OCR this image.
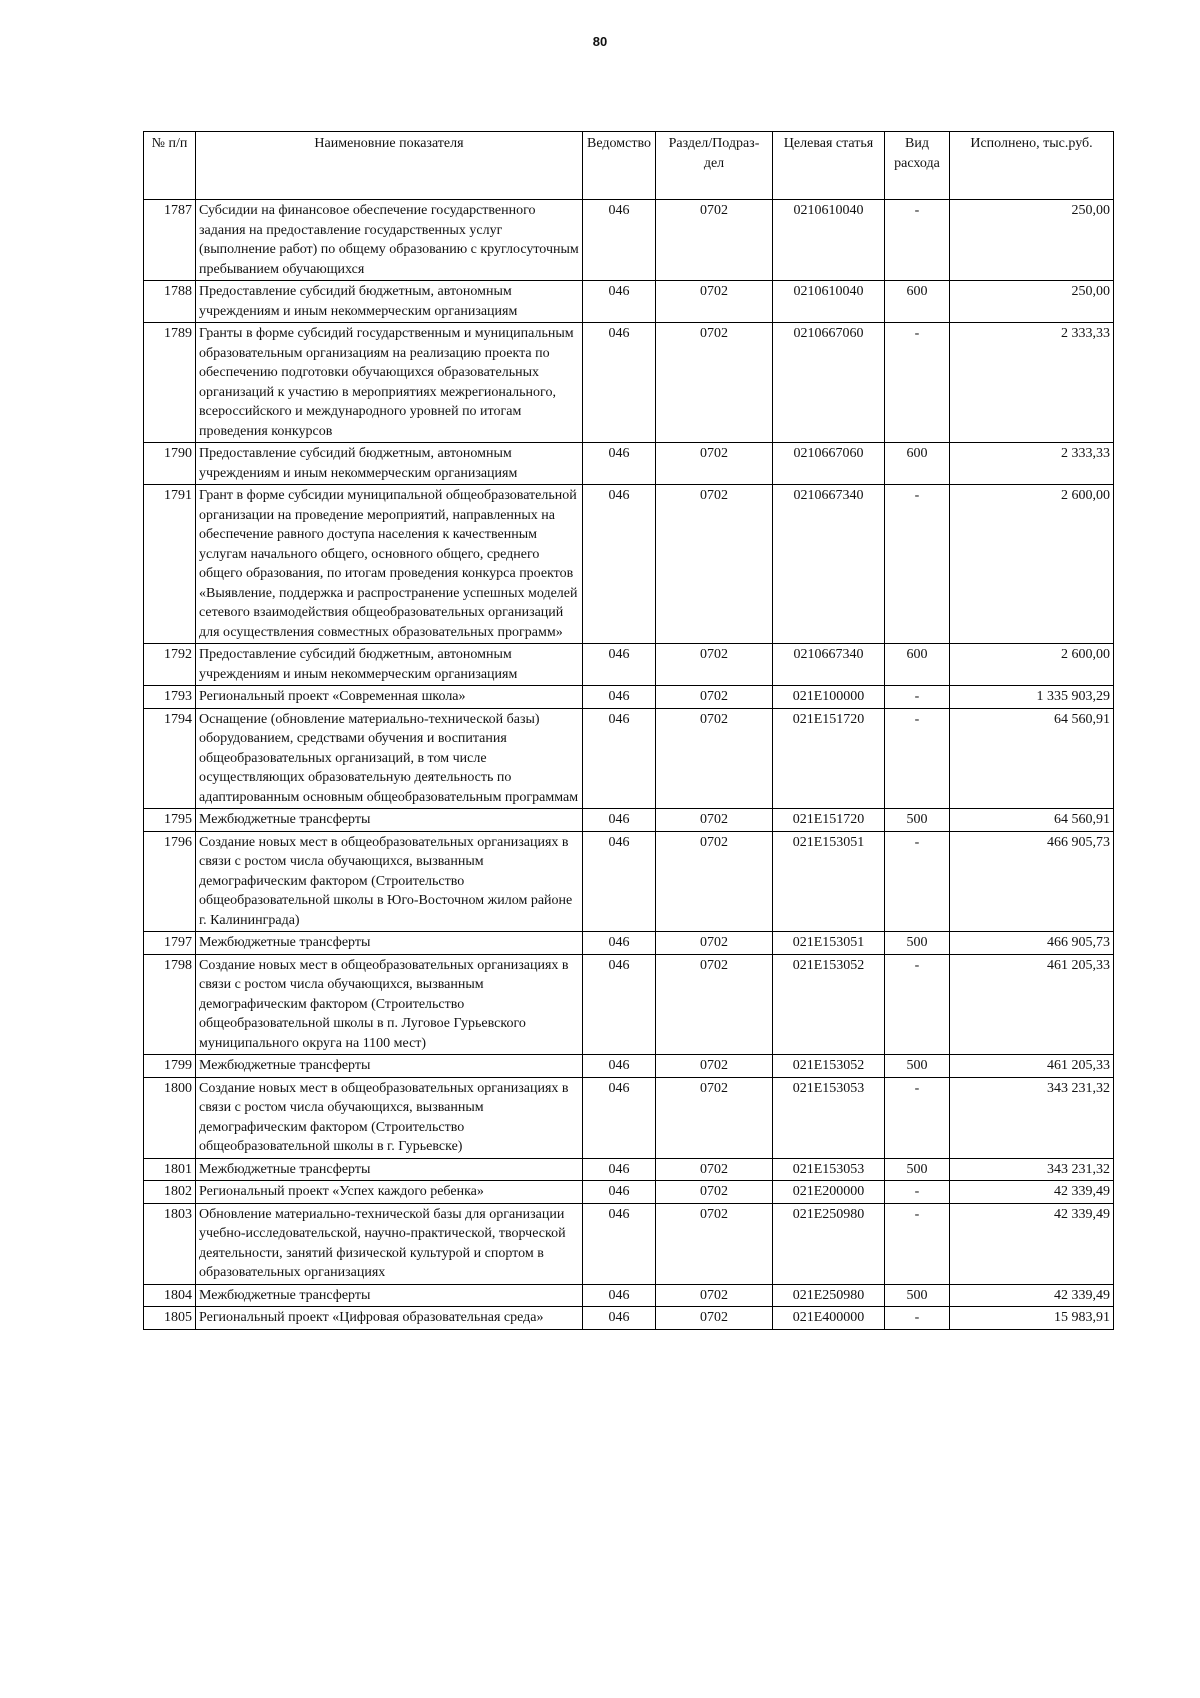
80
№ п/п	Наименовние показателя	Ведомство	Раздел/Подраз-дел	Целевая статья	Вид расхода	Исполнено, тыс.руб.
1787	Субсидии на финансовое обеспечение государственного задания на предоставление государственных услуг (выполнение работ) по общему образованию с круглосуточным пребыванием обучающихся	046	0702	0210610040	-	250,00
1788	Предоставление субсидий бюджетным, автономным учреждениям и иным некоммерческим организациям	046	0702	0210610040	600	250,00
1789	Гранты в форме субсидий государственным и муниципальным образовательным организациям на реализацию проекта по обеспечению подготовки обучающихся образовательных организаций к участию в мероприятиях межрегионального, всероссийского и международного уровней по итогам проведения конкурсов	046	0702	0210667060	-	2 333,33
1790	Предоставление субсидий бюджетным, автономным учреждениям и иным некоммерческим организациям	046	0702	0210667060	600	2 333,33
1791	Грант в форме субсидии муниципальной общеобразовательной организации на проведение мероприятий, направленных на обеспечение равного доступа населения к качественным услугам начального общего, основного общего, среднего общего образования, по итогам проведения конкурса проектов «Выявление, поддержка и распространение успешных моделей сетевого взаимодействия общеобразовательных организаций для осуществления совместных образовательных программ»	046	0702	0210667340	-	2 600,00
1792	Предоставление субсидий бюджетным, автономным учреждениям и иным некоммерческим организациям	046	0702	0210667340	600	2 600,00
1793	Региональный проект «Современная школа»	046	0702	021E100000	-	1 335 903,29
1794	Оснащение (обновление материально-технической базы) оборудованием, средствами обучения и воспитания общеобразовательных организаций, в том числе осуществляющих образовательную деятельность по адаптированным основным общеобразовательным программам	046	0702	021E151720	-	64 560,91
1795	Межбюджетные трансферты	046	0702	021E151720	500	64 560,91
1796	Создание новых мест в общеобразовательных организациях в связи с ростом числа обучающихся, вызванным демографическим фактором (Строительство общеобразовательной школы в Юго-Восточном жилом районе г. Калининграда)	046	0702	021E153051	-	466 905,73
1797	Межбюджетные трансферты	046	0702	021E153051	500	466 905,73
1798	Создание новых мест в общеобразовательных организациях в связи с ростом числа обучающихся, вызванным демографическим фактором (Строительство общеобразовательной школы в п. Луговое Гурьевского муниципального округа на 1100 мест)	046	0702	021E153052	-	461 205,33
1799	Межбюджетные трансферты	046	0702	021E153052	500	461 205,33
1800	Создание новых мест в общеобразовательных организациях в связи с ростом числа обучающихся, вызванным демографическим фактором (Строительство общеобразовательной школы в г. Гурьевске)	046	0702	021E153053	-	343 231,32
1801	Межбюджетные трансферты	046	0702	021E153053	500	343 231,32
1802	Региональный проект «Успех каждого ребенка»	046	0702	021E200000	-	42 339,49
1803	Обновление материально-технической базы для организации учебно-исследовательской, научно-практической, творческой деятельности, занятий физической культурой и спортом в образовательных организациях	046	0702	021E250980	-	42 339,49
1804	Межбюджетные трансферты	046	0702	021E250980	500	42 339,49
1805	Региональный проект «Цифровая образовательная среда»	046	0702	021E400000	-	15 983,91
